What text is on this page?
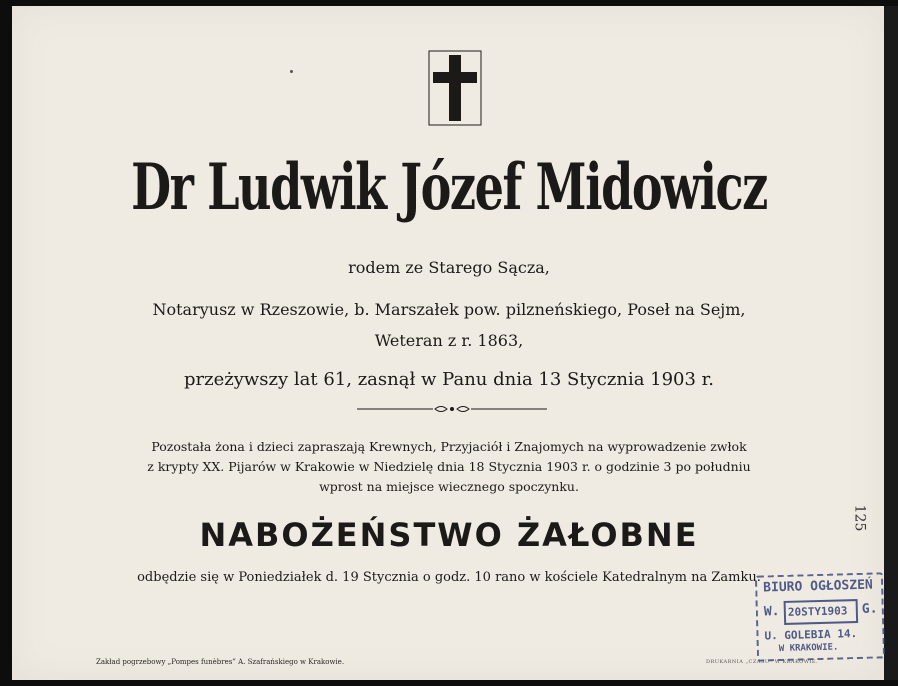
Dr Ludwik Józef Midowicz
rodem ze Starego Sącza,
Notaryusz w Rzeszowie, b. Marszałek pow. pilzneńskiego, Poseł na Sejm,
Weteran z r. 1863,
przeżywszy lat 61, zasnął w Panu dnia 13 Stycznia 1903 r.
Pozostała żona i dzieci zapraszają Krewnych, Przyjaciół i Znajomych na wyprowadzenie zwłok
z krypty XX. Pijarów w Krakowie w Niedzielę dnia 18 Stycznia 1903 r. o godzinie 3 po południu
wprost na miejsce wiecznego spoczynku.
NABOŻEŃSTWO ŻAŁOBNE
odbędzie się w Poniedziałek d. 19 Stycznia o godz. 10 rano w kościele Katedralnym na Zamku.
Zakład pogrzebowy „Pompes funèbres” A. Szafrańskiego w Krakowie.	DRUKARNIA „CZASU” W KRAKOWIE.
125
BIURO OGŁOSZEŃ
W. 20STY1903 G.
U. GOLEBIA 14.
W KRAKOWIE.
